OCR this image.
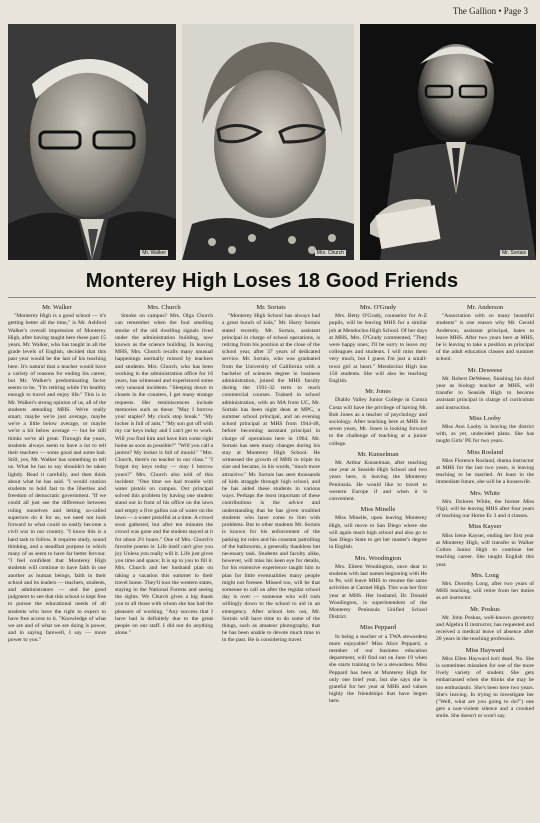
The Gallion • Page 3
Mr. Walker	Mrs. Church	Mr. Sortais
Monterey High Loses 18 Good Friends
Mr. Walker

"Monterey High is a good school — it's getting better all the time," is Mr. Ashford Walker's overall impression of Monterey High, after having taught here these past 15 years. Mr. Walker, who has taught in all the grade levels of English, decided that this past year would be the last of his teaching here. It's natural that a teacher would have a variety of reasons for ending his career, but Mr. Walker's predominating factor seems to be, "I'm retiring while I'm healthy enough to travel and enjoy life." This is in Mr. Walker's strong opinion of us, all of the students attending MHS. We're really smart, maybe we're just average, maybe we're a little below average, or maybe we're a bit below average — but he still thinks we're all great. Through the years, students always seem to have a lot to tell their teachers — some good and some bad. Still, yes, Mr. Walker has something to tell us. What he has to say shouldn't be taken lightly. Read it carefully, and then think about what he has said. "I would caution students to hold fast to the liberties and freedom of democratic government. "If we could all just see the difference between ruling ourselves and letting so-called superiors do it for us, we need not look forward to what could so easily become a civil war in our country. "I know this is a hard task to follow. It requires study, sound thinking, and a steadfast purpose in which many of us seem to have far better fervour. "I feel confident that Monterey High students will continue to have faith in one another as human beings, faith in their school and its leaders — teachers, students, and administrators — and the good judgment to see that this school is kept free to pursue the educational needs of all students who have the right to expect to have free access to it. "Knowledge of what we are and of what we are doing is power, and in saying farewell, I say — more power to you."

Mrs. Church

Smoke on campus? Mrs. Olga Church can remember when the foul smelling smoke of the old dwelling signals lived under the administration building, now known as the science building. In leaving MHS, Mrs. Church recalls many unusual happenings normally missed by teachers and students. Mrs. Church, who has been working in the administration office for 16 years, has witnessed and experienced some very unusual incidents. "Sleeping down in closets in the counters, I get many strange requests. Her reminiscences include memories such as these: "May I borrow your stapler? My clock stop break." "My locker is full of ants." "My son got off with my car keys today and I can't get to work. Will you find him and have him come right home as soon as possible?" "Will you call a janitor? My locker is full of mould." "Mrs. Church, there's no teacher in our class." "I forgot my keys today — may I borrow yours?" Mrs. Church also told of this incident: "One time we had trouble with water pistols on campus. Our principal solved this problem by having one student stand out in front of his office on the lawn and empty a five gallon can of water on the lawn — a water pistolful at a time. A crowd soon gathered, but after ten minutes the crowd was gone and the student stayed at it for about 2½ hours." One of Mrs. Church's favorite poems is: Life itself can't give you joy Unless you really will it. Life just gives you time and space; It is up to you to fill it. Mrs. Church and her husband plan on taking a vacation this summer to their travel home. They'll tour the western states, staying in the National Forests and seeing the sights. We Church gives a big thank you to all those with whom she has had the pleasure of working. "Any success that I have had is definitely due to the great people on our staff. I did not do anything alone."

Mr. Sortais

"Monterey High School has always had a great bunch of kids," Mr. Harry Sortais stated recently. Mr. Sortais, assistant principal in charge of school operations, is retiring from his position at the close of the school year, after 37 years of dedicated service. Mr. Sortais, who was graduated from the University of California with a bachelor of sciences degree in business administration, joined the MHS faculty during the 1931-32 term to teach commercial courses. Trained in school administration, with an MA from UC, Mr. Sortais has been night dean at MPC, a summer school principal, and an evening school principal at MHS from 1944-48, before becoming assistant principal in charge of operations here in 1964. Mr. Sortais has seen many changes during his stay at Monterey High School. He witnessed the growth of MHS to triple its size and became, in his words, "much more attractive." Mr. Sortais has seen thousands of kids straggle through high school, and he has aided these students in various ways. Perhaps the most important of these contributions is the advice and understanding that he has given troubled students who have come to him with problems. But to other students Mr. Sortais is known for his enforcement of the parking lot rules and his constant patrolling of the bathrooms, a generally thankless but necessary task. Students and faculty alike, however, will miss his keen eye for details, for his extensive experience taught him to plan for little eventualities many people might not foresee. Missed too, will be that someone to call on after the regular school day is over — someone who will rush willingly down to the school to aid in an emergency. After school lets out, Mr. Sortais will have time to do some of the things, such as amateur photography, that he has been unable to devote much time to in the past. He is considering travel.

Mrs. O'Grady

Mrs. Betty O'Grady, counselor for A-Z pupils, will be leaving MHS for a similar job at Mendocino High School. Of her days at MHS, Mrs. O'Grady commented, "They were happy ones; I'll be sorry to leave my colleagues and students. I will miss them very much, but I guess I'm just a small-town girl at heart." Mendocino High has 150 students. She will also be teaching English.

Mr. Jones

Diablo Valley Junior College in Contra Costa will have the privilege of having Mr. Bob Jones as a teacher of psychology and sociology. After teaching here at MHS for seven years, Mr. Jones is looking forward to the challenge of teaching at a junior college.

Mr. Kunselman

Mr. Arthur Kunselman, after teaching one year at Seaside High School and two years here, is leaving the Monterey Peninsula. He would like to travel to western Europe if and when it is convenient.

Miss Minelle

Miss Minelle, upon leaving Monterey High, will move to San Diego where she will again teach high school and also go to San Diego State to get her master's degree in English.

Mrs. Woodington

Mrs. Eileen Woodington, once dear to students with last names beginning with He to Pe, will leave MHS to resume the same activities at Carmel High. This was her first year at MHS. Her husband, Dr. Donald Woodington, is superintendent of the Monterey Peninsula Unified School District.

Miss Peppard

In being a teacher or a TWA stewardess more enjoyable? Miss Alice Peppard, a member of our business education department, will find out on June 19 when she starts training to be a stewardess. Miss Peppard has been at Monterey High for only one brief year, but she says she is grateful for her year at MHS and values highly the friendships that have begun here.

Mr. Anderson

"Association with so many beautiful students" is one reason why Mr. Gerald Anderson, assistant principal, hates to leave MHS. After two years here at MHS, he is leaving to take a position as principal of the adult education classes and summer school.

Mr. Deweese

Mr. Robert DeWeese, finishing his third year as biology teacher at MHS, will transfer to Seaside High to become assistant principal in charge of curriculum and instruction.

Miss Looby

Miss Ann Looby is leaving the district with, as yet, undecided plans. She has taught Girls' PE for two years.

Miss Rosland

Miss Florence Rosland, drama instructor at MHS for the last two years, is leaving teaching to be married. At least in the immediate future, she will be a housewife.

Mrs. White

Mrs. Dolores White, the former Miss Vigil, will be leaving MHS after four years of teaching our Home Ec 3 and 4 classes.

Miss Kayser

Miss Irene Kayser, ending her first year at Monterey High, will transfer to Walker Colton Junior High to continue her teaching career. She taught English this year.

Mrs. Long

Mrs. Dorothy Long, after two years of MHS teaching, will retire from her duties as art instructor.

Mr. Poskus

Mr. John Poskus, well-known geometry and Algebra II instructor, has requested and received a medical leave of absence after 20 years in the teaching profession.

Miss Hayward

Miss Ellen Hayward isn't dead. No. She is sometimes mistaken for one of the more lively variety of student. She gets embarrassed when she thinks she may be too enthusiastic. She's been here two years. She's leaving. In trying to investigate her ("Well, what are you going to do?") one gets a non-violent silence and a crooked smile. She doesn't or won't say.
